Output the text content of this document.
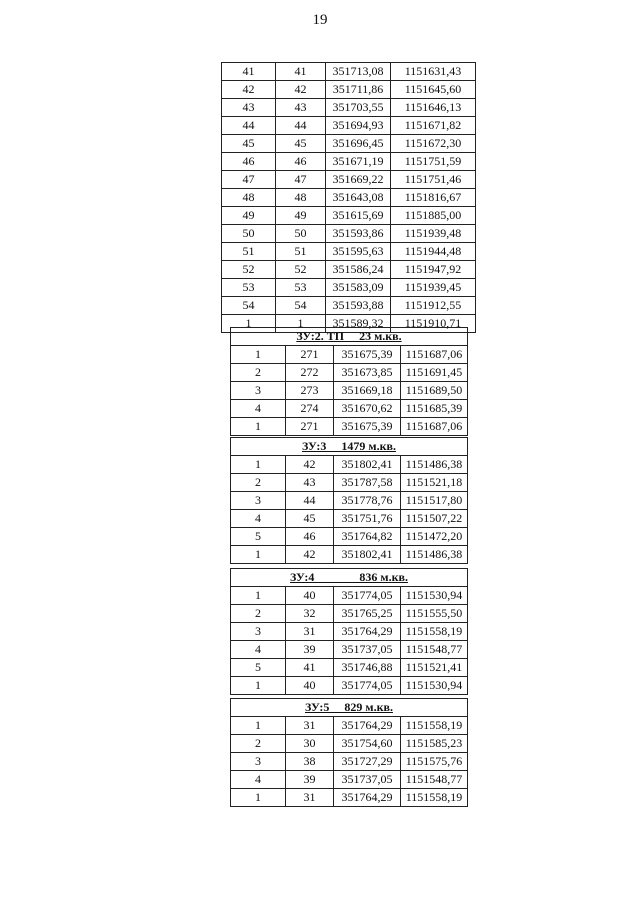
19
41	41	351713,08	1151631,43
42	42	351711,86	1151645,60
43	43	351703,55	1151646,13
44	44	351694,93	1151671,82
45	45	351696,45	1151672,30
46	46	351671,19	1151751,59
47	47	351669,22	1151751,46
48	48	351643,08	1151816,67
49	49	351615,69	1151885,00
50	50	351593,86	1151939,48
51	51	351595,63	1151944,48
52	52	351586,24	1151947,92
53	53	351583,09	1151939,45
54	54	351593,88	1151912,55
1	1	351589,32	1151910,71
ЗУ:2. ТП     23 м.кв.			
1	271	351675,39	1151687,06
2	272	351673,85	1151691,45
3	273	351669,18	1151689,50
4	274	351670,62	1151685,39
1	271	351675,39	1151687,06
ЗУ:3     1479 м.кв.			
1	42	351802,41	1151486,38
2	43	351787,58	1151521,18
3	44	351778,76	1151517,80
4	45	351751,76	1151507,22
5	46	351764,82	1151472,20
1	42	351802,41	1151486,38
ЗУ:4               836 м.кв.			
1	40	351774,05	1151530,94
2	32	351765,25	1151555,50
3	31	351764,29	1151558,19
4	39	351737,05	1151548,77
5	41	351746,88	1151521,41
1	40	351774,05	1151530,94
ЗУ:5     829 м.кв.			
1	31	351764,29	1151558,19
2	30	351754,60	1151585,23
3	38	351727,29	1151575,76
4	39	351737,05	1151548,77
1	31	351764,29	1151558,19
